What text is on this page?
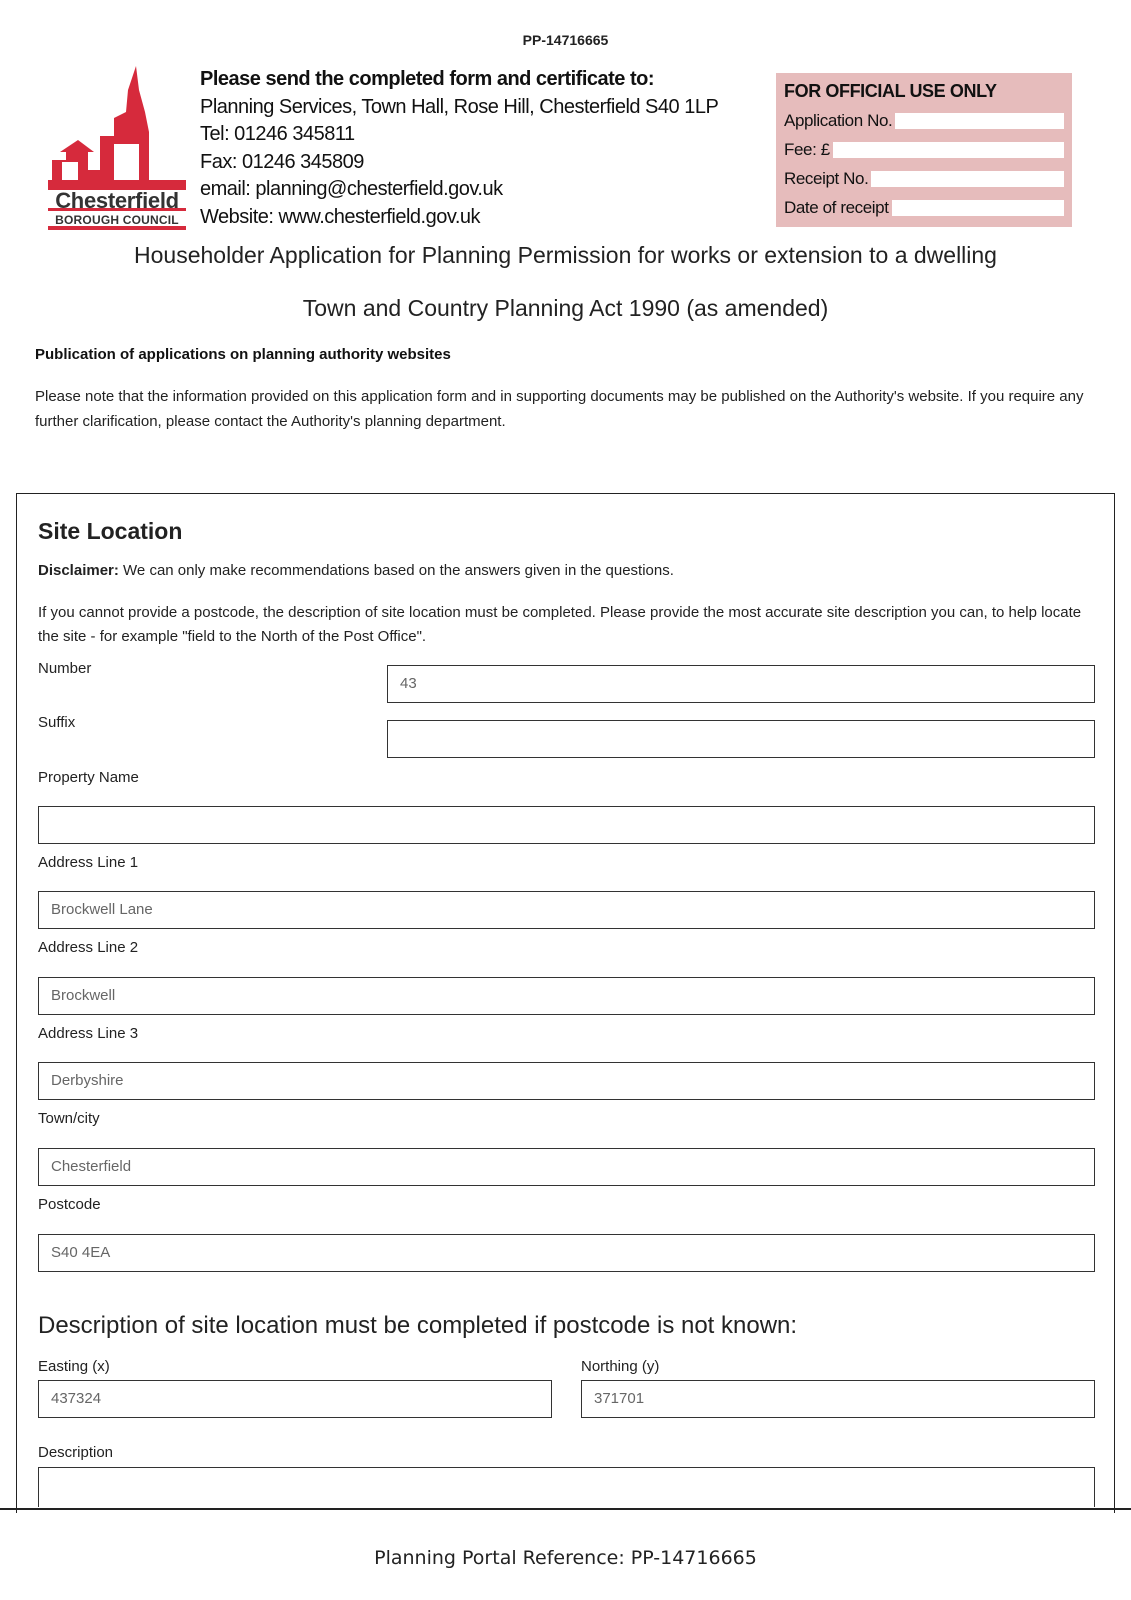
PP-14716665
Chesterfield
BOROUGH COUNCIL
Please send the completed form and certificate to:
Planning Services, Town Hall, Rose Hill, Chesterfield S40 1LP
Tel: 01246 345811
Fax: 01246 345809
email: planning@chesterfield.gov.uk
Website: www.chesterfield.gov.uk
FOR OFFICIAL USE ONLY
Application No.
Fee: £
Receipt No.
Date of receipt
Householder Application for Planning Permission for works or extension to a dwelling
Town and Country Planning Act 1990 (as amended)
Publication of applications on planning authority websites
Please note that the information provided on this application form and in supporting documents may be published on the Authority's website. If you require any further clarification, please contact the Authority's planning department.
Site Location
Disclaimer: We can only make recommendations based on the answers given in the questions.
If you cannot provide a postcode, the description of site location must be completed. Please provide the most accurate site description you can, to help locate the site - for example "field to the North of the Post Office".
Number
43
Suffix
Property Name
Address Line 1
Brockwell Lane
Address Line 2
Brockwell
Address Line 3
Derbyshire
Town/city
Chesterfield
Postcode
S40 4EA
Description of site location must be completed if postcode is not known:
Easting (x)
437324
Northing (y)
371701
Description
Planning Portal Reference: PP-14716665
